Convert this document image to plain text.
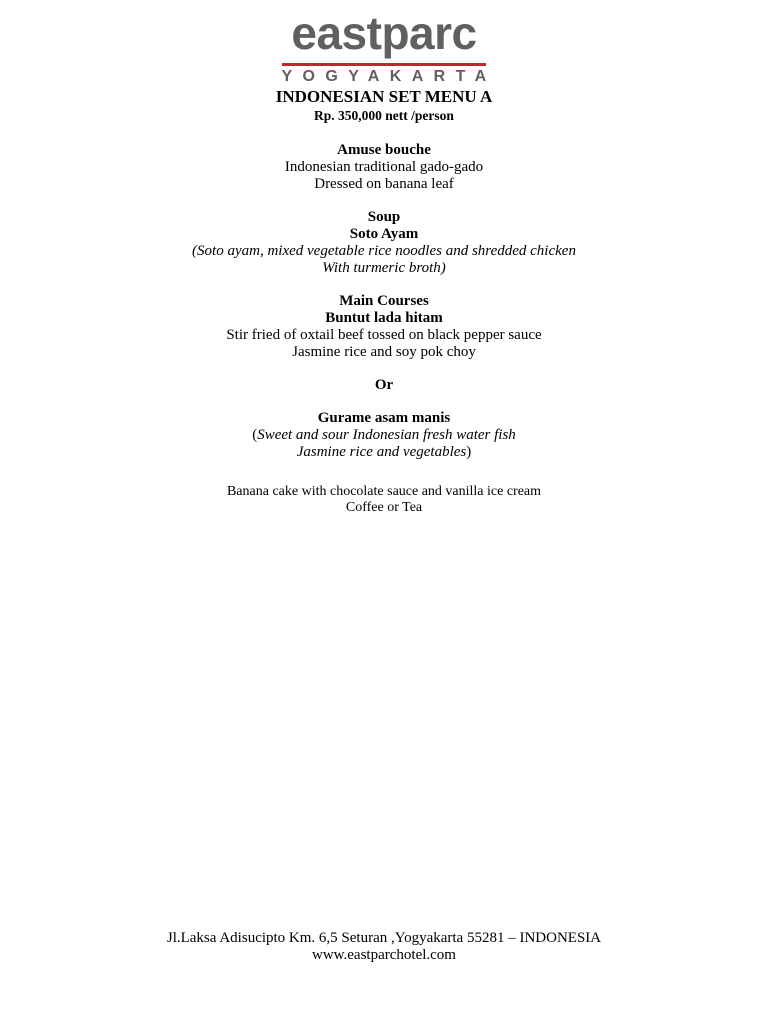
eastparc
YOGYAKARTA
INDONESIAN SET MENU A
Rp. 350,000 nett /person
Amuse bouche
Indonesian traditional gado-gado
Dressed on banana leaf
Soup
Soto Ayam
(Soto ayam, mixed vegetable rice noodles and shredded chicken
With turmeric broth)
Main Courses
Buntut lada hitam
Stir fried of oxtail beef tossed on black pepper sauce
Jasmine rice and soy pok choy
Or
Gurame asam manis
(Sweet and sour Indonesian fresh water fish
Jasmine rice and vegetables)
Banana cake with chocolate sauce and vanilla ice cream
Coffee or Tea
Jl.Laksa Adisucipto Km. 6,5 Seturan ,Yogyakarta 55281 – INDONESIA
www.eastparchotel.com
